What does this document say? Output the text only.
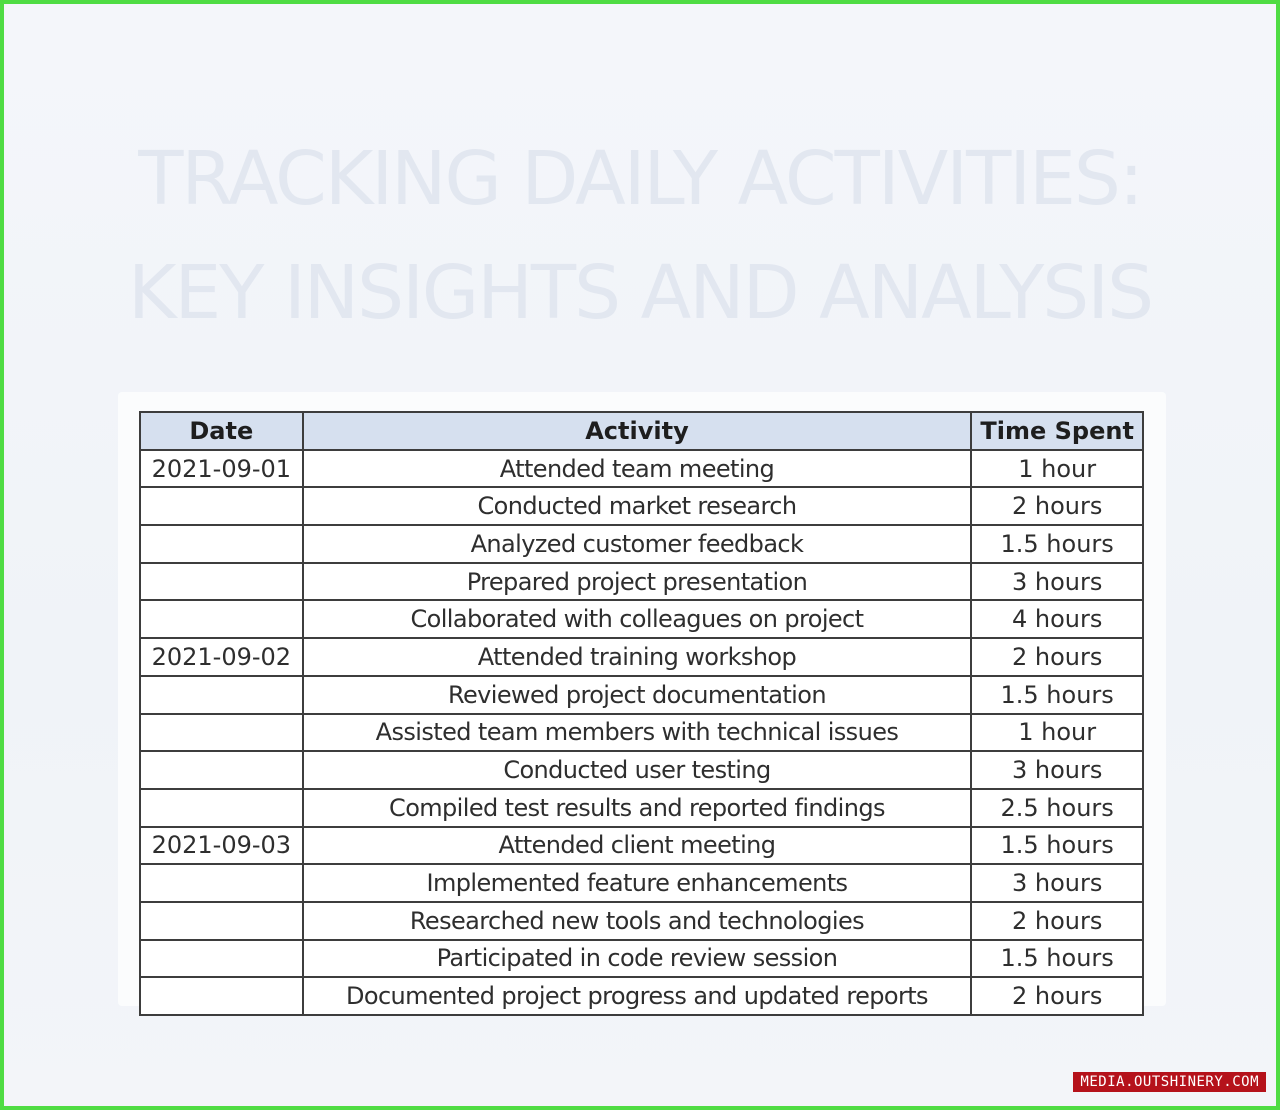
TRACKING DAILY ACTIVITIES:
KEY INSIGHTS AND ANALYSIS
Date	Activity	Time Spent
2021-09-01	Attended team meeting	1 hour
	Conducted market research	2 hours
	Analyzed customer feedback	1.5 hours
	Prepared project presentation	3 hours
	Collaborated with colleagues on project	4 hours
2021-09-02	Attended training workshop	2 hours
	Reviewed project documentation	1.5 hours
	Assisted team members with technical issues	1 hour
	Conducted user testing	3 hours
	Compiled test results and reported findings	2.5 hours
2021-09-03	Attended client meeting	1.5 hours
	Implemented feature enhancements	3 hours
	Researched new tools and technologies	2 hours
	Participated in code review session	1.5 hours
	Documented project progress and updated reports	2 hours
MEDIA.OUTSHINERY.COM
